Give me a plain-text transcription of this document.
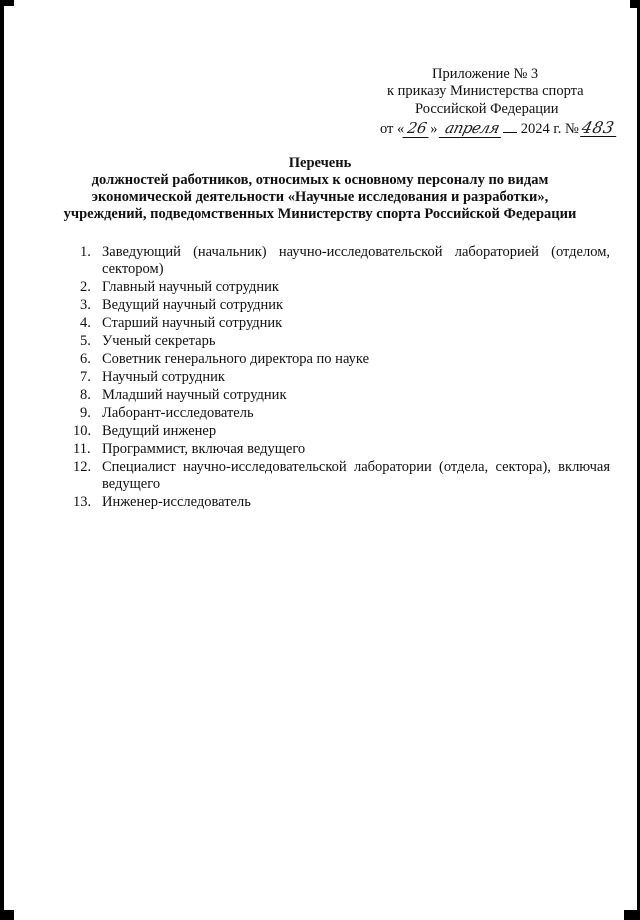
Приложение № 3
к приказу Министерства спорта
Российской Федерации
от « 26 » апреля 2024 г. № 483
Перечень
должностей работников, относимых к основному персоналу по видам
экономической деятельности «Научные исследования и разработки»,
учреждений, подведомственных Министерству спорта Российской Федерации
1. Заведующий (начальник) научно-исследовательской лабораторией (отделом, сектором)
2. Главный научный сотрудник
3. Ведущий научный сотрудник
4. Старший научный сотрудник
5. Ученый секретарь
6. Советник генерального директора по науке
7. Научный сотрудник
8. Младший научный сотрудник
9. Лаборант-исследователь
10. Ведущий инженер
11. Программист, включая ведущего
12. Специалист научно-исследовательской лаборатории (отдела, сектора), включая ведущего
13. Инженер-исследователь
